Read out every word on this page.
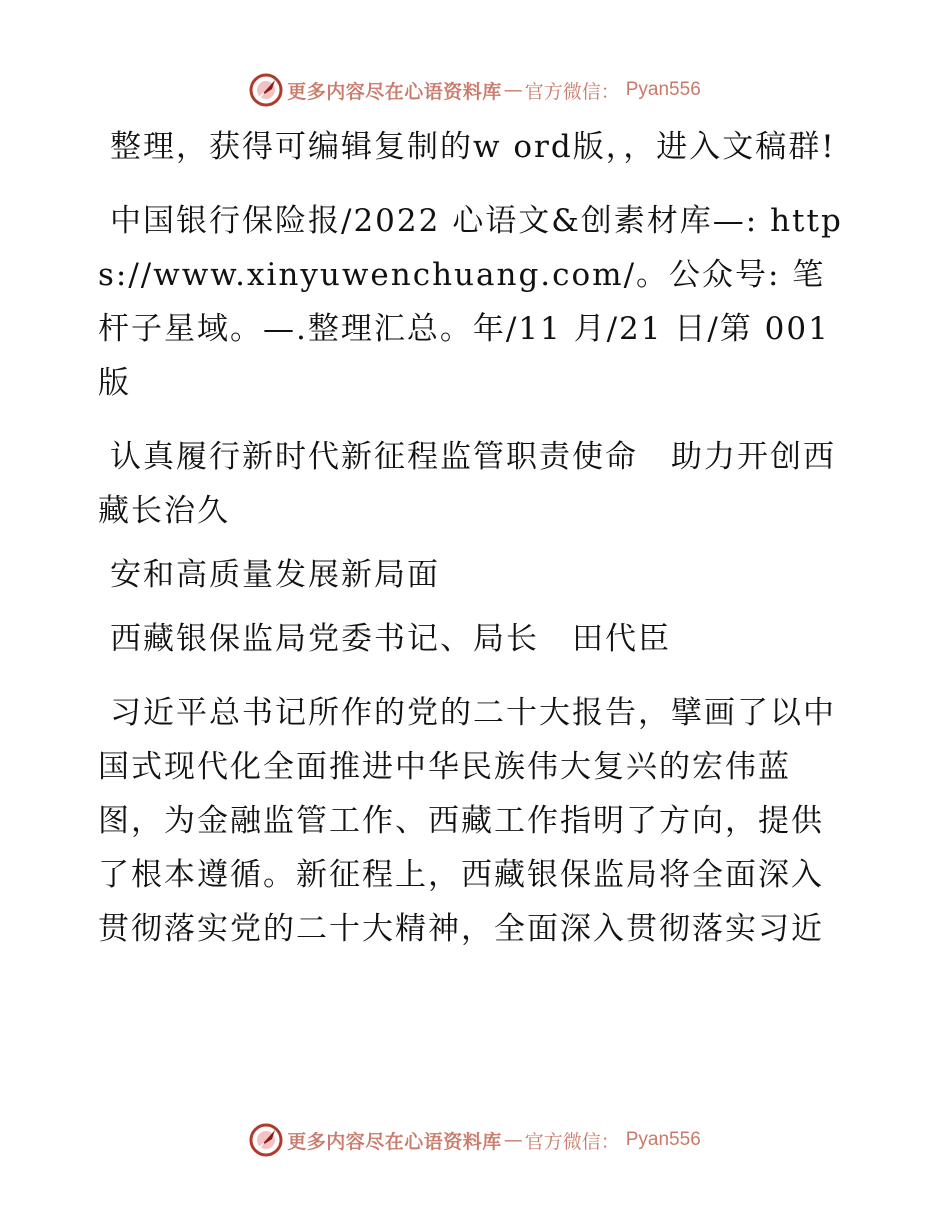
更多内容尽在心语资料库 — 官方微信： Pyan556

整理，获得可编辑复制的w ord版，，进入文稿群!

中国银行保险报/2022 心语文&创素材库—: https://www.xinyuwenchuang.com/。公众号: 笔杆子星域。—.整理汇总。年/11 月/21 日/第 001 版

认真履行新时代新征程监管职责使命　助力开创西藏长治久

安和高质量发展新局面

西藏银保监局党委书记、局长　田代臣

习近平总书记所作的党的二十大报告，擘画了以中国式现代化全面推进中华民族伟大复兴的宏伟蓝图，为金融监管工作、西藏工作指明了方向，提供了根本遵循。新征程上，西藏银保监局将全面深入贯彻落实党的二十大精神，全面深入贯彻落实习近

更多内容尽在心语资料库 — 官方微信： Pyan556
